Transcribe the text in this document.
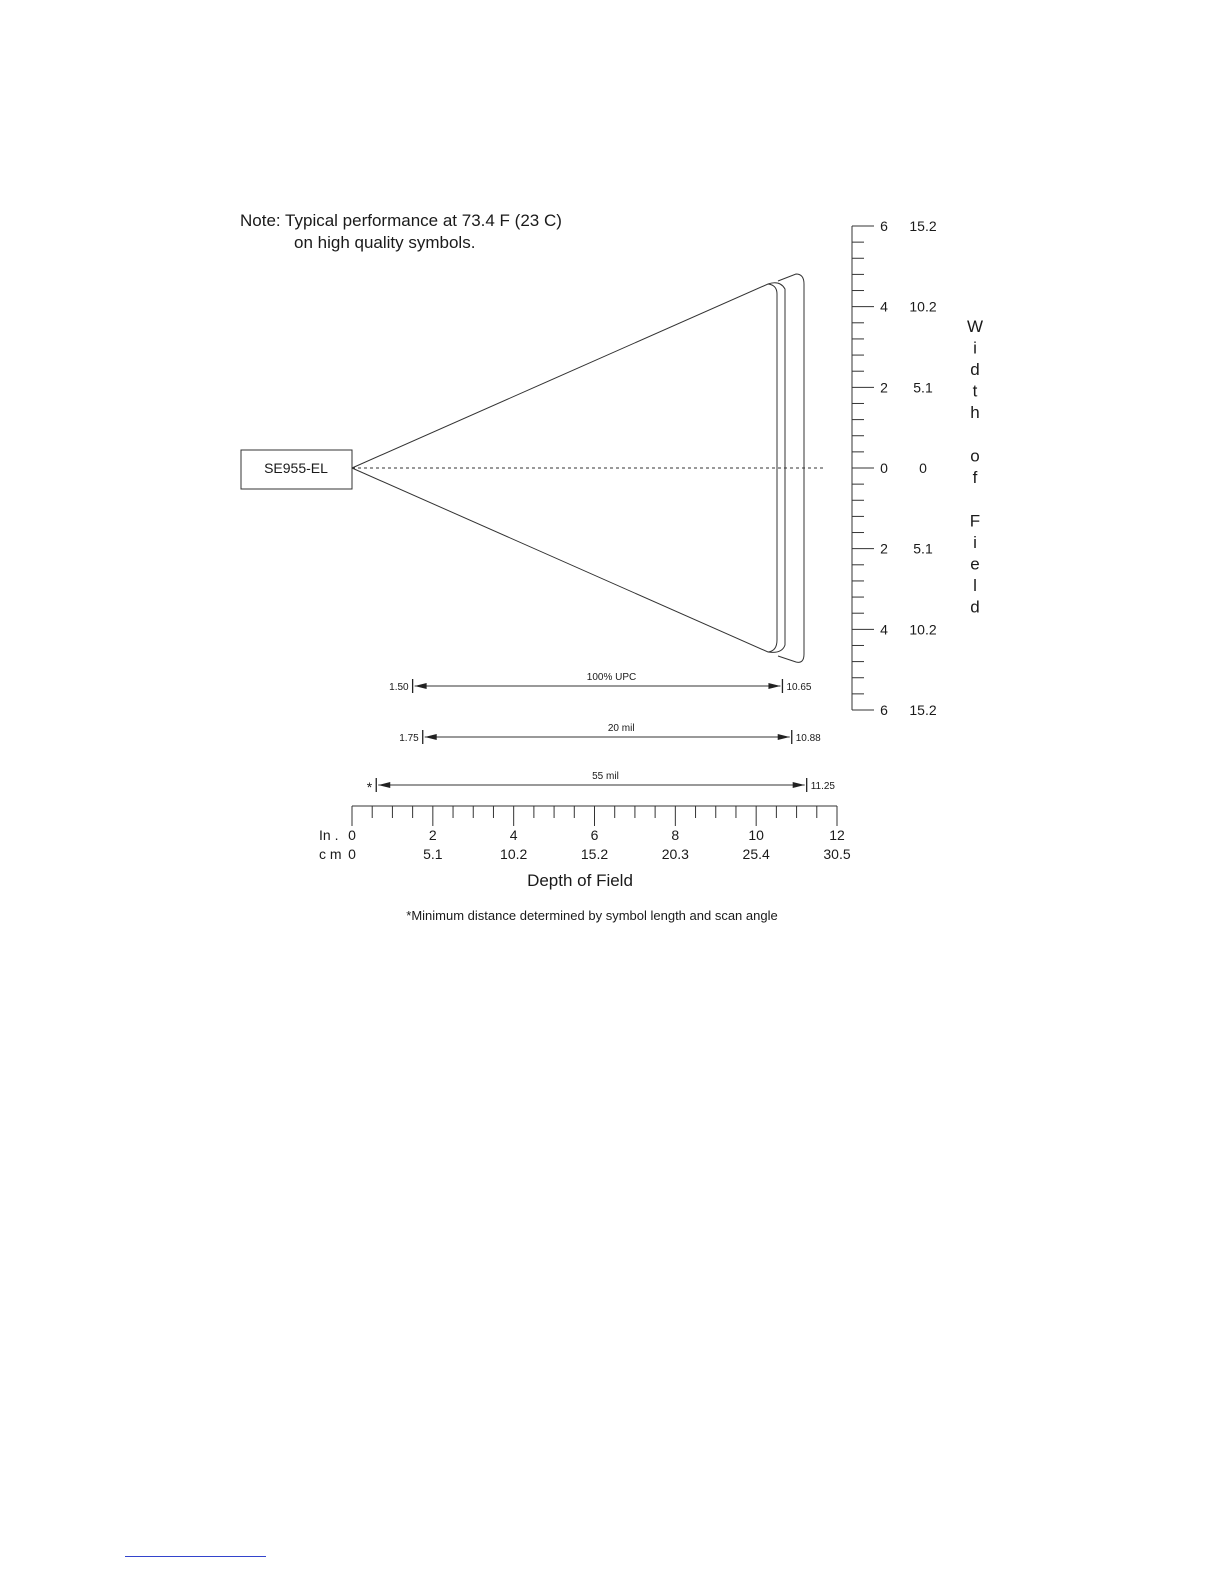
Note: Typical performance at 73.4 F (23 C)
on high quality symbols.
SE955-EL
6 15.2
4 10.2
2 5.1
0 0
2 5.1
4 10.2
6 15.2
W
i
d
t
h
o
f
F
i
e
l
d
1.50	10.65
100% UPC
1.75	10.88
20 mil
*	11.25
55 mil
0	2	4	6	8	10	12
0	5.1	10.2	15.2	20.3	25.4	30.5
In .
c m
Depth of Field
*Minimum distance determined by symbol length and scan angle
